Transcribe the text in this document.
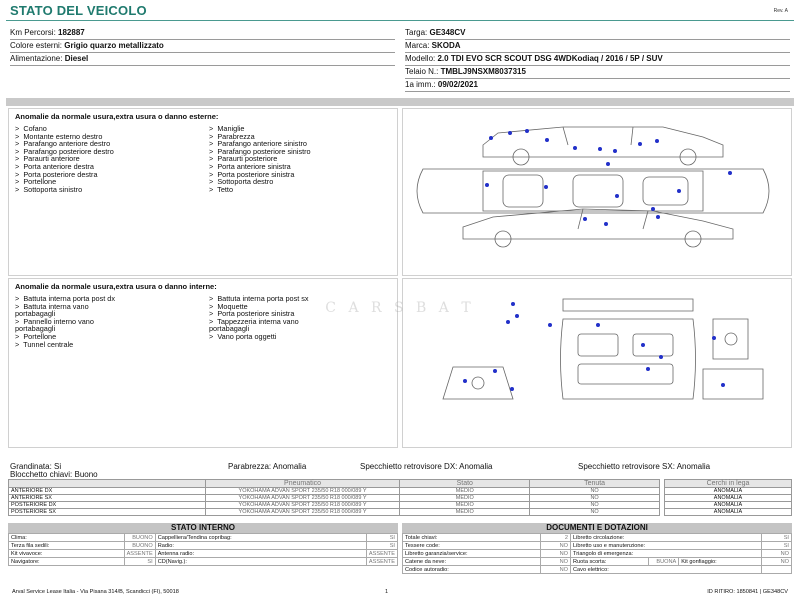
STATO DEL VEICOLO	Rev. A
Km Percorsi: 182887
Colore esterni: Grigio quarzo metallizzato
Alimentazione: Diesel
Targa: GE348CV
Marca: SKODA
Modello: 2.0 TDI EVO SCR SCOUT DSG 4WDKodiaq / 2016 / 5P / SUV
Telaio N.: TMBLJ9NSXM8037315
1a imm.: 09/02/2021
Anomalie da normale usura,extra usura o danno esterne:
>  Cofano
>  Montante esterno destro
>  Parafango anteriore destro
>  Parafango posteriore destro
>  Paraurti anteriore
>  Porta anteriore destra
>  Porta posteriore destra
>  Portellone
>  Sottoporta sinistro
>  Maniglie
>  Parabrezza
>  Parafango anteriore sinistro
>  Parafango posteriore sinistro
>  Paraurti posteriore
>  Porta anteriore sinistra
>  Porta posteriore sinistra
>  Sottoporta destro
>  Tetto
Anomalie da normale usura,extra usura o danno interne:
>  Battuta interna porta post dx
>  Battuta interna vano
portabagagli
>  Pannello interno vano
portabagagli
>  Portellone
>  Tunnel centrale
>  Battuta interna porta post sx
>  Moquette
>  Porta posteriore sinistra
>  Tappezzeria interna vano
portabagagli
>  Vano porta oggetti
C A R S B A T
Grandinata: Si
Blocchetto chiavi: Buono
Parabrezza: Anomalia	Specchietto retrovisore DX: Anomalia	Specchietto retrovisore SX: Anomalia
	Pneumatico	Stato	Tenuta
ANTERIORE DX	YOKOHAMA ADVAN SPORT 235/50 R18 000/089 Y	MEDIO	NO
ANTERIORE SX	YOKOHAMA ADVAN SPORT 235/50 R18 000/089 Y	MEDIO	NO
POSTERIORE DX	YOKOHAMA ADVAN SPORT 235/50 R18 000/089 Y	MEDIO	NO
POSTERIORE SX	YOKOHAMA ADVAN SPORT 235/50 R18 000/089 Y	MEDIO	NO
Cerchi in lega
ANOMALIA
ANOMALIA
ANOMALIA
ANOMALIA
STATO INTERNO
Clima:	BUONO	Cappelliera/Tendina copribag:	SI
Terza fila sedili:	BUONO	Radio:	SI
Kit vivavoce:	ASSENTE	Antenna radio:	ASSENTE
Navigatore:	SI	CD(Navig.):	ASSENTE
DOCUMENTI E DOTAZIONI
Totale chiavi:	2	Libretto circolazione:			SI
Tessere code:	NO	Libretto uso e manutenzione:			SI
Libretto garanzia/service:	NO	Triangolo di emergenza:			NO
Catene da neve:	NO	Ruota scorta:	BUONA	Kit gonfiaggio:	NO
Codice autoradio:	NO	Cavo elettrico:			
Arval Service Lease Italia - Via Pisana 314/B, Scandicci (FI), 50018	1	ID RITIRO: 1850841 | GE348CV
